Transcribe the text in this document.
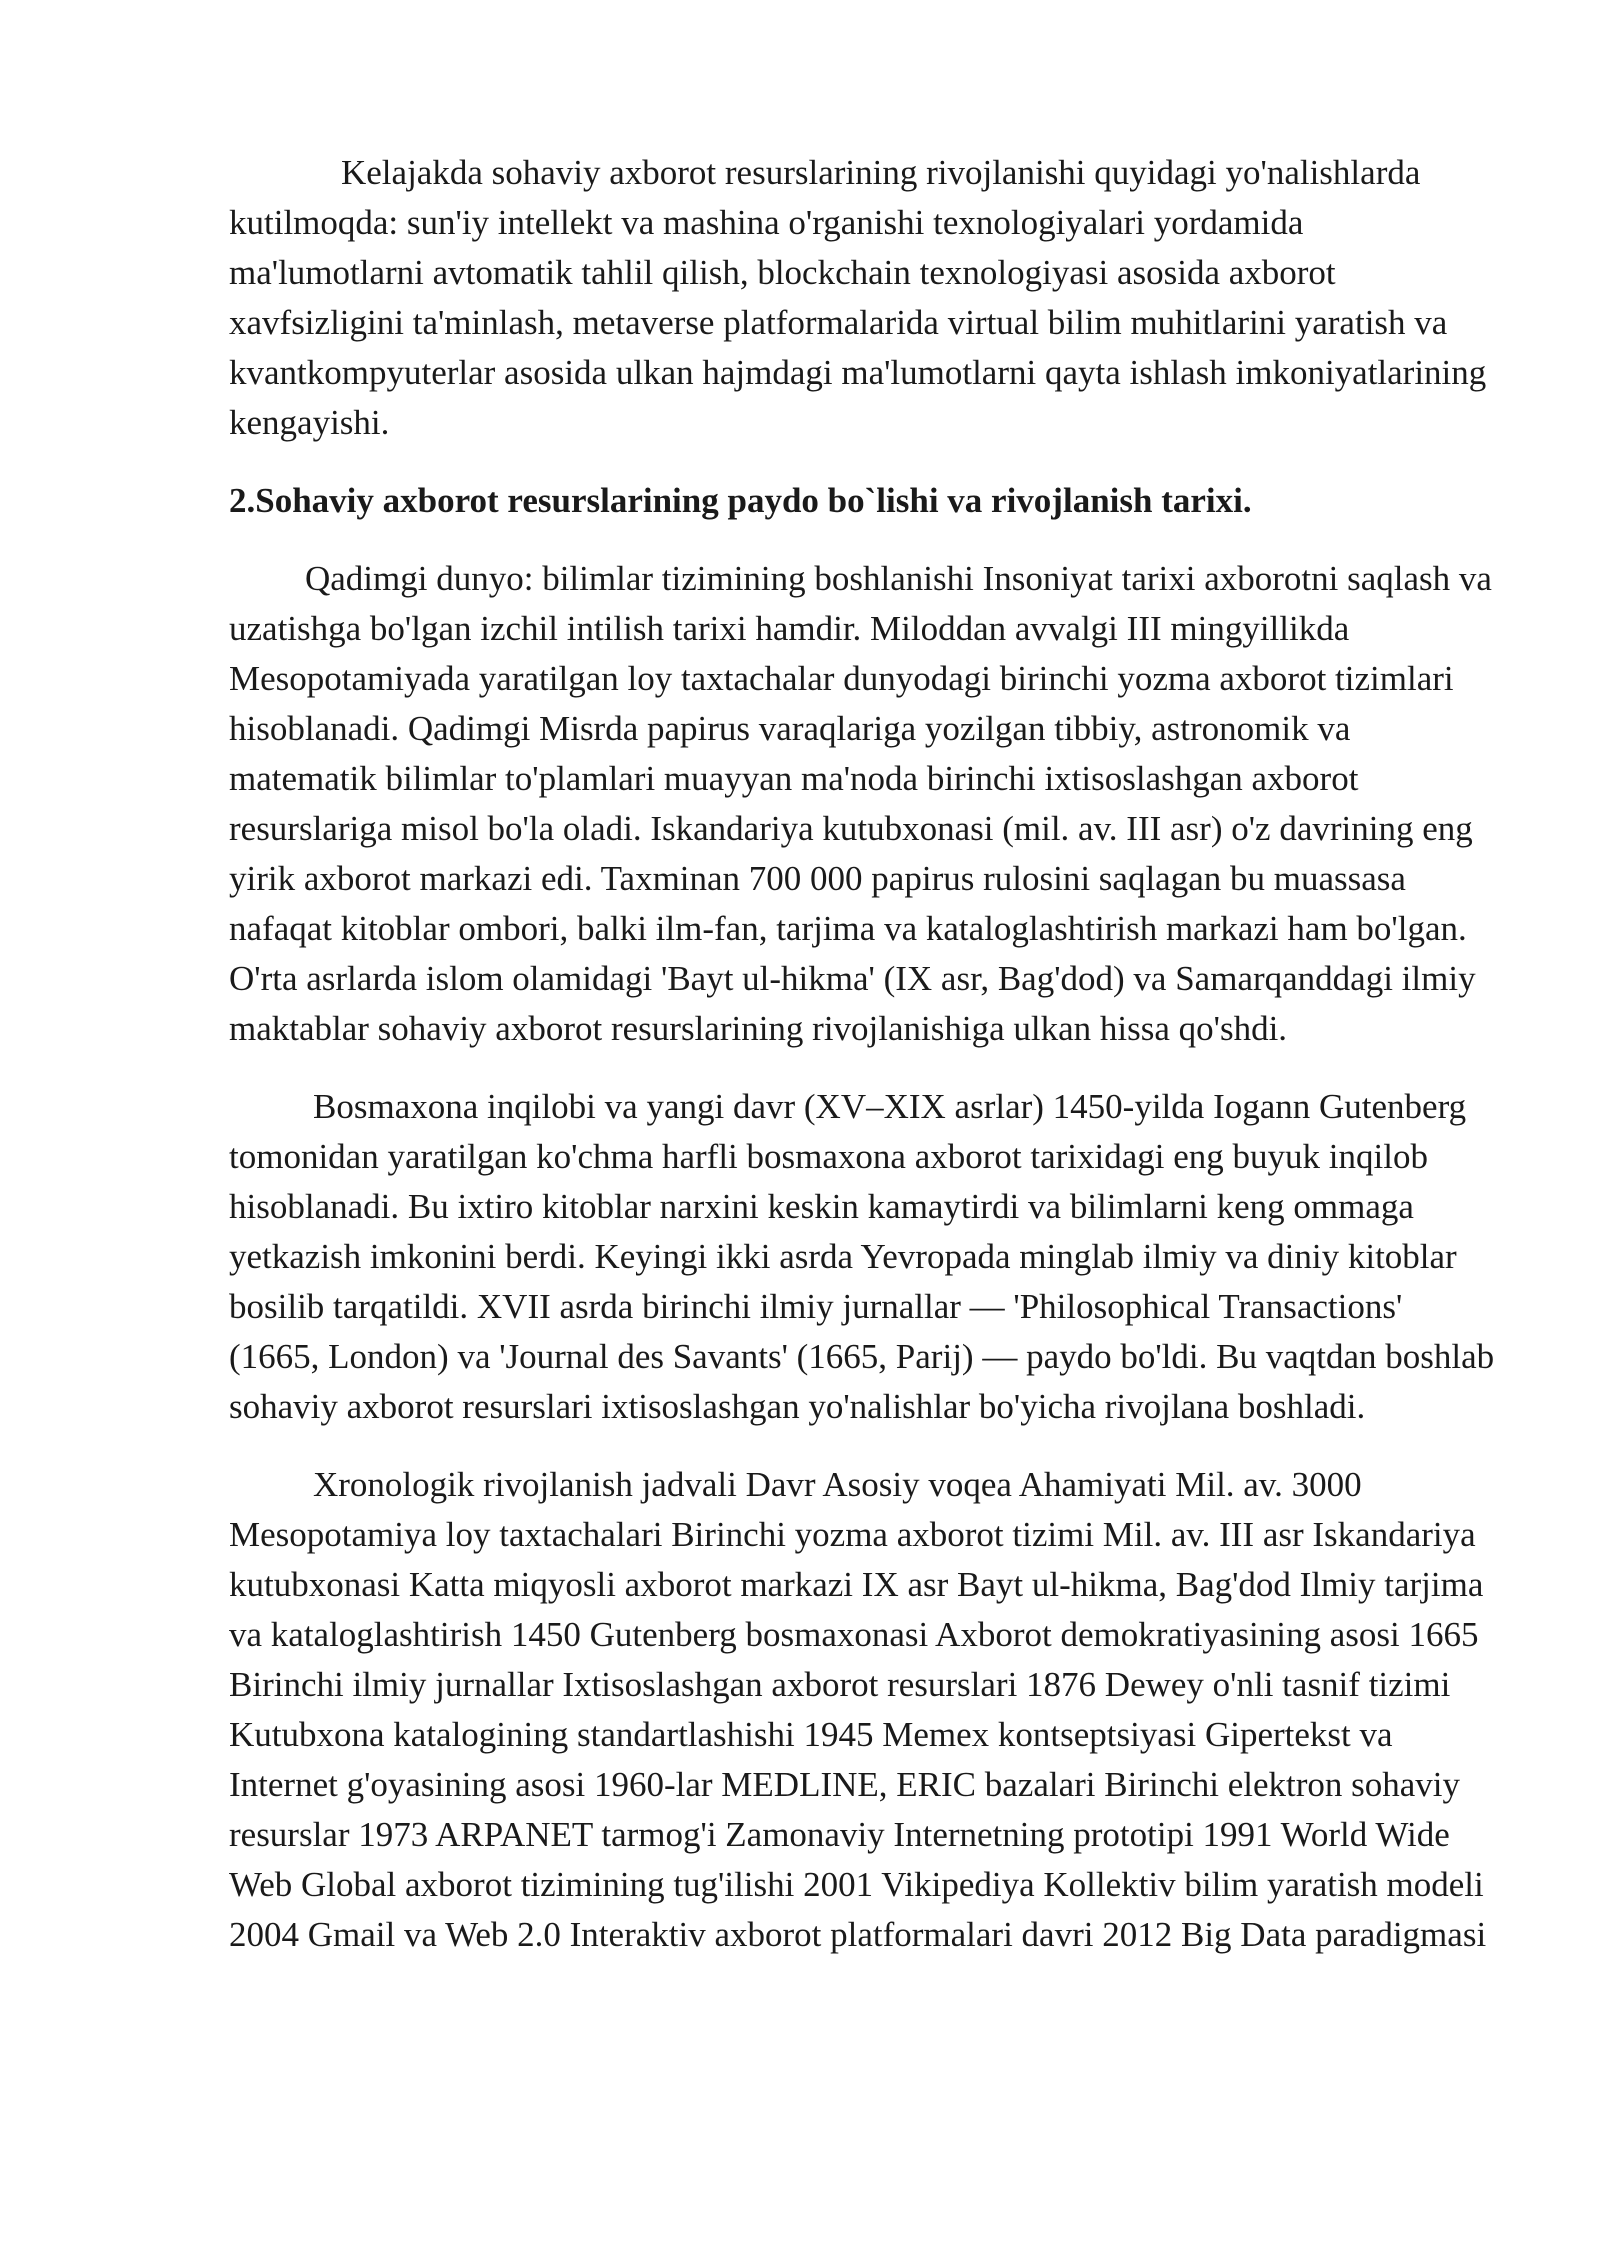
Kelajakda sohaviy axborot resurslarining rivojlanishi quyidagi yo'nalishlarda kutilmoqda: sun'iy intellekt va mashina o'rganishi texnologiyalari yordamida ma'lumotlarni avtomatik tahlil qilish, blockchain texnologiyasi asosida axborot xavfsizligini ta'minlash, metaverse platformalarida virtual bilim muhitlarini yaratish va kvantkompyuterlar asosida ulkan hajmdagi ma'lumotlarni qayta ishlash imkoniyatlarining kengayishi.

2.Sohaviy axborot resurslarining paydo bo`lishi va rivojlanish tarixi.

Qadimgi dunyo: bilimlar tizimining boshlanishi Insoniyat tarixi axborotni saqlash va uzatishga bo'lgan izchil intilish tarixi hamdir. Miloddan avvalgi III mingyillikda Mesopotamiyada yaratilgan loy taxtachalar dunyodagi birinchi yozma axborot tizimlari hisoblanadi. Qadimgi Misrda papirus varaqlariga yozilgan tibbiy, astronomik va matematik bilimlar to'plamlari muayyan ma'noda birinchi ixtisoslashgan axborot resurslariga misol bo'la oladi. Iskandariya kutubxonasi (mil. av. III asr) o'z davrining eng yirik axborot markazi edi. Taxminan 700 000 papirus rulosini saqlagan bu muassasa nafaqat kitoblar ombori, balki ilm-fan, tarjima va kataloglashtirish markazi ham bo'lgan. O'rta asrlarda islom olamidagi 'Bayt ul-hikma' (IX asr, Bag'dod) va Samarqanddagi ilmiy maktablar sohaviy axborot resurslarining rivojlanishiga ulkan hissa qo'shdi.

Bosmaxona inqilobi va yangi davr (XV–XIX asrlar) 1450-yilda Iogann Gutenberg tomonidan yaratilgan ko'chma harfli bosmaxona axborot tarixidagi eng buyuk inqilob hisoblanadi. Bu ixtiro kitoblar narxini keskin kamaytirdi va bilimlarni keng ommaga yetkazish imkonini berdi. Keyingi ikki asrda Yevropada minglab ilmiy va diniy kitoblar bosilib tarqatildi. XVII asrda birinchi ilmiy jurnallar — 'Philosophical Transactions' (1665, London) va 'Journal des Savants' (1665, Parij) — paydo bo'ldi. Bu vaqtdan boshlab sohaviy axborot resurslari ixtisoslashgan yo'nalishlar bo'yicha rivojlana boshladi.

Xronologik rivojlanish jadvali Davr Asosiy voqea Ahamiyati Mil. av. 3000 Mesopotamiya loy taxtachalari Birinchi yozma axborot tizimi Mil. av. III asr Iskandariya kutubxonasi Katta miqyosli axborot markazi IX asr Bayt ul-hikma, Bag'dod Ilmiy tarjima va kataloglashtirish 1450 Gutenberg bosmaxonasi Axborot demokratiyasining asosi 1665 Birinchi ilmiy jurnallar Ixtisoslashgan axborot resurslari 1876 Dewey o'nli tasnif tizimi Kutubxona katalogining standartlashishi 1945 Memex kontseptsiyasi Gipertekst va Internet g'oyasining asosi 1960-lar MEDLINE, ERIC bazalari Birinchi elektron sohaviy resurslar 1973 ARPANET tarmog'i Zamonaviy Internetning prototipi 1991 World Wide Web Global axborot tizimining tug'ilishi 2001 Vikipediya Kollektiv bilim yaratish modeli 2004 Gmail va Web 2.0 Interaktiv axborot platformalari davri 2012 Big Data paradigmasi
